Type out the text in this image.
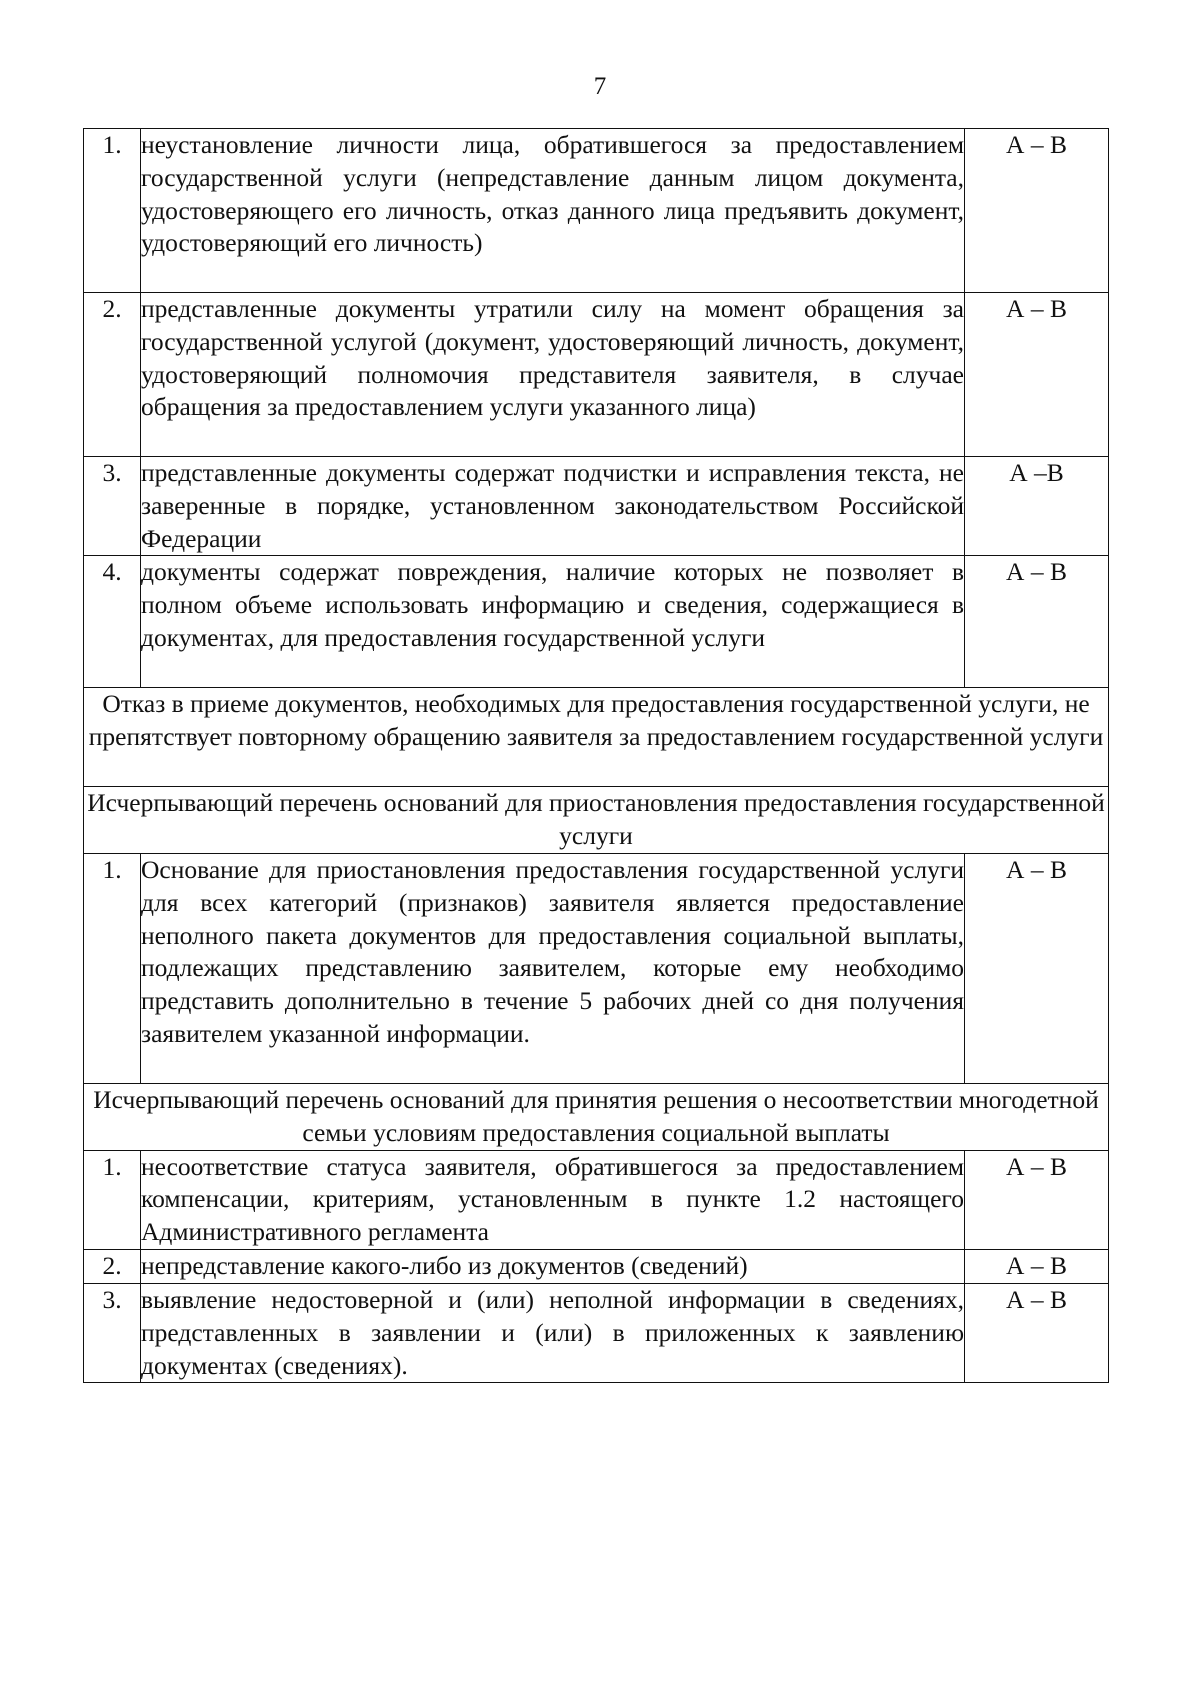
7
1.	неустановление личности лица, обратившегося за предоставлением государственной услуги (непредставление данным лицом документа, удостоверяющего его личность, отказ данного лица предъявить документ, удостоверяющий его личность)	А – В
2.	представленные документы утратили силу на момент обращения за государственной услугой (документ, удостоверяющий личность, документ, удостоверяющий полномочия представителя заявителя, в случае обращения за предоставлением услуги указанного лица)	А – В
3.	представленные документы содержат подчистки и исправления текста, не заверенные в порядке, установленном законодательством Российской Федерации	А –В
4.	документы содержат повреждения, наличие которых не позволяет в полном объеме использовать информацию и сведения, содержащиеся в документах, для предоставления государственной услуги	А – В
Отказ в приеме документов, необходимых для предоставления государственной услуги, не препятствует повторному обращению заявителя за предоставлением государственной услуги		
Исчерпывающий перечень оснований для приостановления предоставления государственной услуги		
1.	Основание для приостановления предоставления государственной услуги для всех категорий (признаков) заявителя является предоставление неполного пакета документов для предоставления социальной выплаты, подлежащих представлению заявителем, которые ему необходимо представить дополнительно в течение 5 рабочих дней со дня получения заявителем указанной информации.	А – В
Исчерпывающий перечень оснований для принятия решения о несоответствии многодетной семьи условиям предоставления социальной выплаты		
1.	несоответствие статуса заявителя, обратившегося за предоставлением компенсации, критериям, установленным в пункте 1.2 настоящего Административного регламента	А – В
2.	непредставление какого-либо из документов (сведений)	А – В
3.	выявление недостоверной и (или) неполной информации в сведениях, представленных в заявлении и (или) в приложенных к заявлению документах (сведениях).	А – В
